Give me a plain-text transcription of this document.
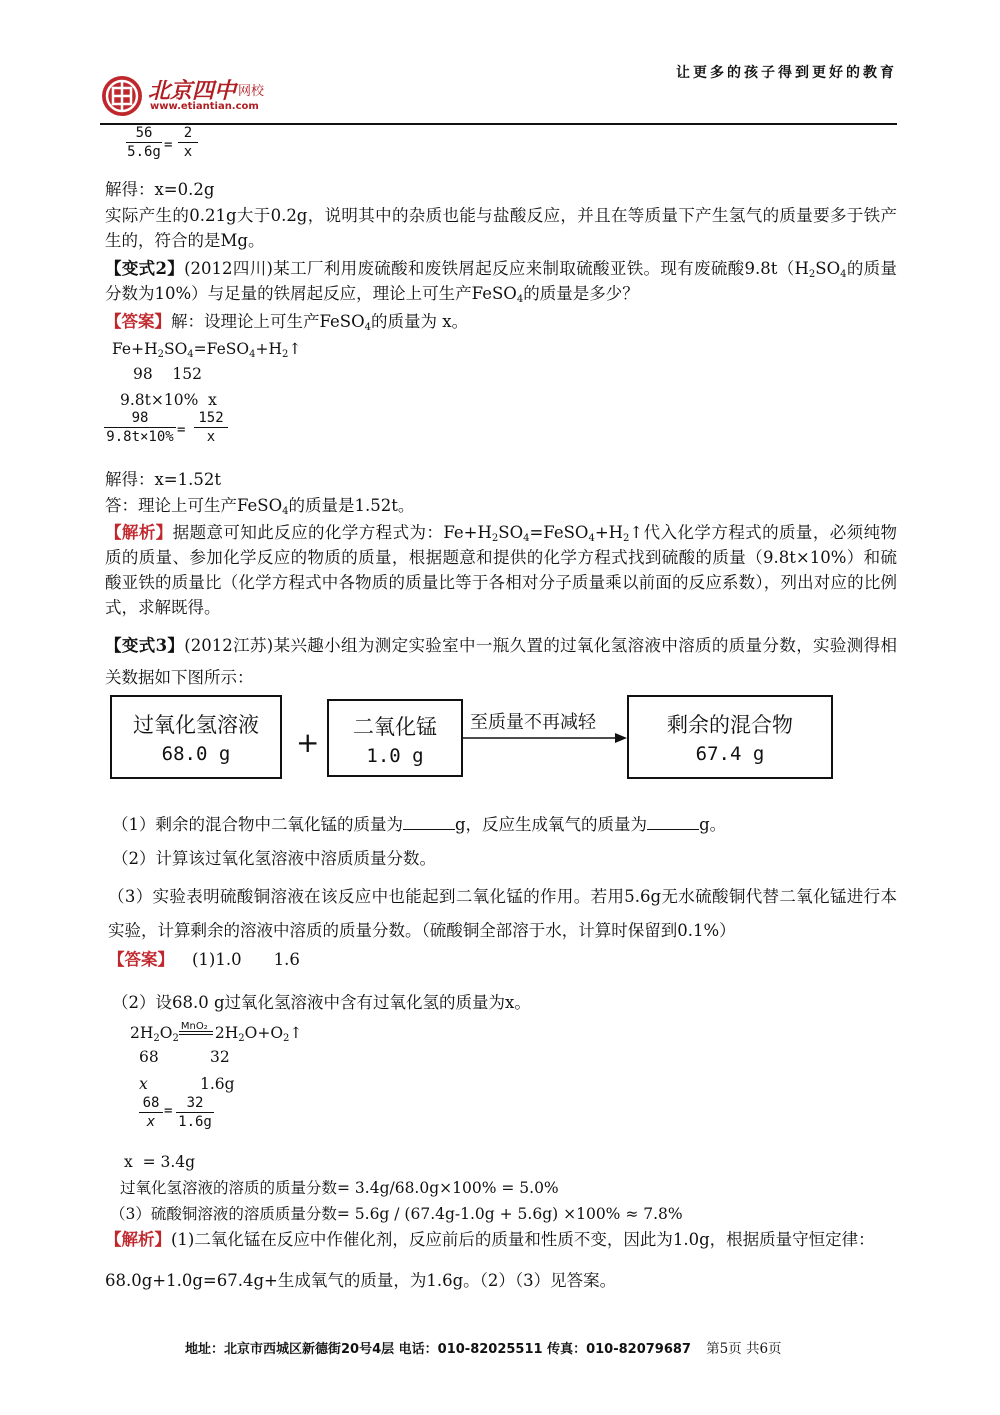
北京四中 网校
www.etiantian.com
让更多的孩子得到更好的教育
$\frac{56}{5.6g} = \frac{2}{x}$
解得：x=0.2g
实际产生的0.21g大于0.2g，说明其中的杂质也能与盐酸反应，并且在等质量下产生氢气的质量要多于铁产生的，符合的是Mg。
【变式2】(2012四川)某工厂利用废硫酸和废铁屑起反应来制取硫酸亚铁。现有废硫酸$9.8t(H_2SO_4$的质量分数为10%）与足量的铁屑起反应，理论上可生产FeSO$_4$的质量是多少？
【答案】解：设理论上可生产FeSO$_4$的质量为 x。
$Fe+H_2SO_4=FeSO_4+H_2↑$
98    152
9.8t×10%  x
$\frac{98}{9.8t\times 10\%} = \frac{152}{x}$
解得：x=1.52t
答：理论上可生产FeSO$_4$的质量是1.52t。
【解析】据题意可知此反应的化学方程式为：$Fe+H_2SO_4=FeSO_4+H_2↑$代入化学方程式的质量，必须纯物质的质量、参加化学反应的物质的质量，根据题意和提供的化学方程式找到硫酸的质量（9.8t×10%）和硫酸亚铁的质量比（化学方程式中各物质的质量比等于各相对分子质量乘以前面的反应系数），列出对应的比例式，求解既得。
【变式3】(2012江苏)某兴趣小组为测定实验室中一瓶久置的过氧化氢溶液中溶质的质量分数，实验测得相关数据如下图所示：
过氧化氢溶液
68.0 g	+	二氧化锰
1.0 g
至质量不再减轻	剩余的混合物
67.4 g
（1）剩余的混合物中二氧化锰的质量为	g，反应生成氧气的质量为	g。
（2）计算该过氧化氢溶液中溶质质量分数。
（3）实验表明硫酸铜溶液在该反应中也能起到二氧化锰的作用。若用5.6g无水硫酸铜代替二氧化锰进行本实验，计算剩余的溶液中溶质的质量分数。（硫酸铜全部溶于水，计算时保留到0.1%）
【答案】 (1)1.0 1.6
（2）设68.0 g过氧化氢溶液中含有过氧化氢的质量为x。
$2H_2O_2$
MnO₂ $2H_2O+O_2↑$
68	32
x	1.6g
$\frac{68}{x} = \frac{32}{1.6g}$
x  = 3.4g
过氧化氢溶液的溶质的质量分数= 3.4g/68.0g×100% = 5.0%
（3）硫酸铜溶液的溶质质量分数= 5.6g / (67.4g-1.0g + 5.6g) ×100% ≈ 7.8%
【解析】(1)二氧化锰在反应中作催化剂，反应前后的质量和性质不变，因此为1.0g，根据质量守恒定律：
68.0g+1.0g=67.4g+生成氧气的质量，为1.6g。（2）（3）见答案。
地址：北京市西城区新德街20号4层 电话：010-82025511 传真：010-82079687 第5页 共6页
